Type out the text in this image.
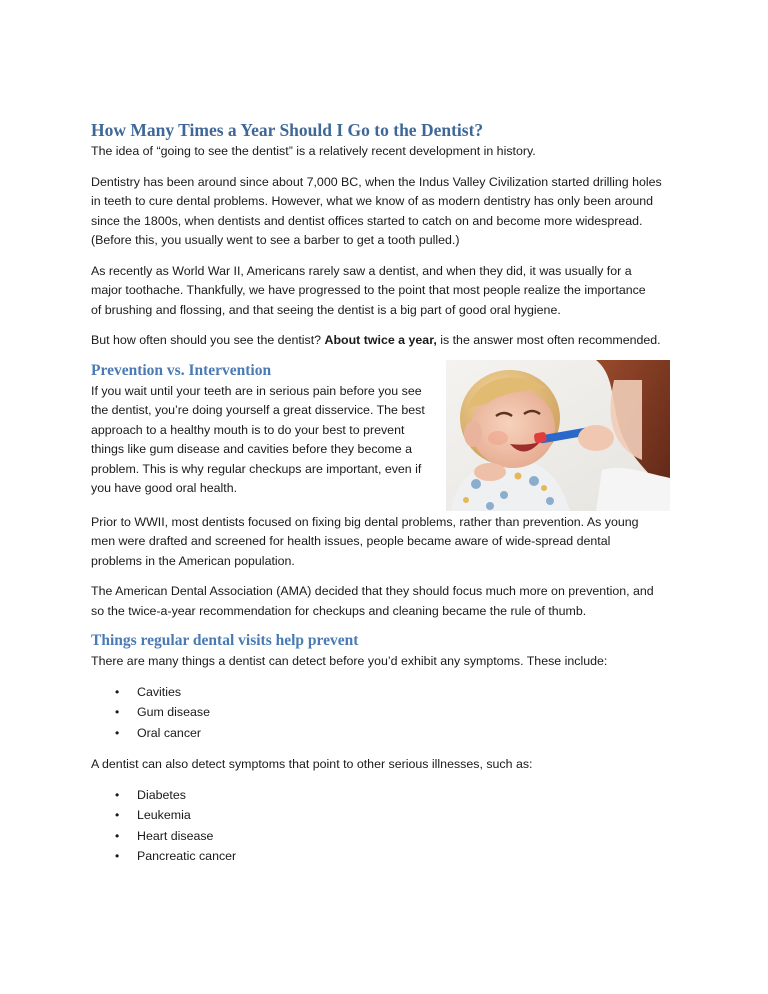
How Many Times a Year Should I Go to the Dentist?

The idea of “going to see the dentist” is a relatively recent development in history.

Dentistry has been around since about 7,000 BC, when the Indus Valley Civilization started drilling holes

in teeth to cure dental problems. However, what we know of as modern dentistry has only been around

since the 1800s, when dentists and dentist offices started to catch on and become more widespread.

(Before this, you usually went to see a barber to get a tooth pulled.)

As recently as World War II, Americans rarely saw a dentist, and when they did, it was usually for a

major toothache. Thankfully, we have progressed to the point that most people realize the importance

of brushing and flossing, and that seeing the dentist is a big part of good oral hygiene.

But how often should you see the dentist? About twice a year, is the answer most often recommended.

Prevention vs. Intervention

If you wait until your teeth are in serious pain before you see

the dentist, you’re doing yourself a great disservice. The best

approach to a healthy mouth is to do your best to prevent

things like gum disease and cavities before they become a

problem. This is why regular checkups are important, even if

you have good oral health.

Prior to WWII, most dentists focused on fixing big dental problems, rather than prevention. As young

men were drafted and screened for health issues, people became aware of wide-spread dental

problems in the American population.

The American Dental Association (AMA) decided that they should focus much more on prevention, and

so the twice-a-year recommendation for checkups and cleaning became the rule of thumb.

Things regular dental visits help prevent

There are many things a dentist can detect before you’d exhibit any symptoms. These include:

• Cavities
• Gum disease
• Oral cancer

A dentist can also detect symptoms that point to other serious illnesses, such as:

• Diabetes
• Leukemia
• Heart disease
• Pancreatic cancer
